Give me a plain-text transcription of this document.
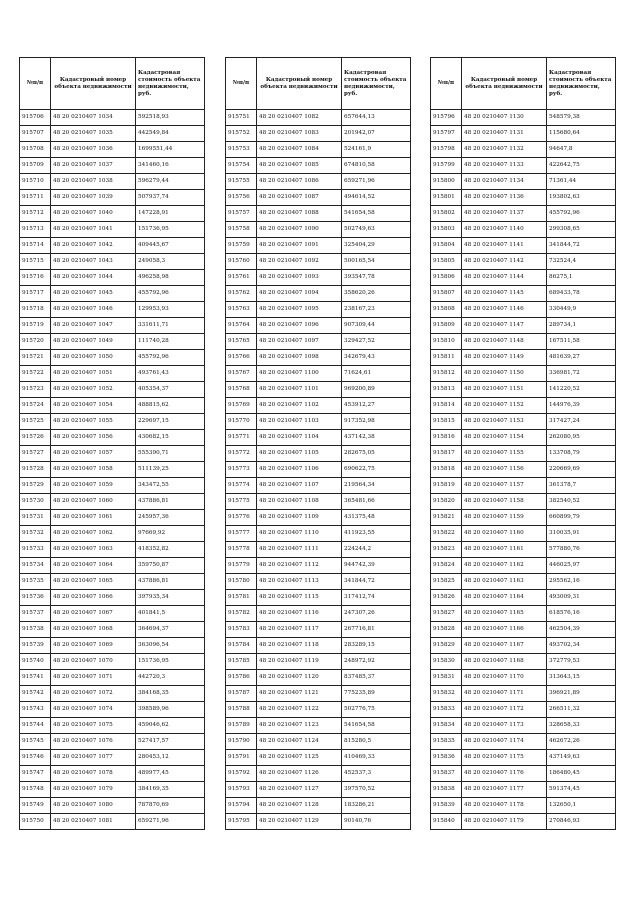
№п/п	Кадастровый номер объекта недвижимости	Кадастровая стоимость объекта недвижимости, руб.
915706	48 20 0210407 1034	592518,93
915707	48 20 0210407 1035	442549,84
915708	48 20 0210407 1036	1699551,44
915709	48 20 0210407 1037	341460,16
915710	48 20 0210407 1038	596279,44
915711	48 20 0210407 1039	507937,74
915712	48 20 0210407 1040	147228,91
915713	48 20 0210407 1041	151736,95
915714	48 20 0210407 1042	409445,67
915715	48 20 0210407 1043	249058,3
915716	48 20 0210407 1044	496258,98
915717	48 20 0210407 1045	455792,96
915718	48 20 0210407 1046	129953,93
915719	48 20 0210407 1047	331611,71
915720	48 20 0210407 1049	111740,28
915721	48 20 0210407 1050	455792,96
915722	48 20 0210407 1051	493761,43
915723	48 20 0210407 1052	405354,37
915724	48 20 0210407 1054	488815,62
915725	48 20 0210407 1055	229697,15
915726	48 20 0210407 1056	430682,15
915727	48 20 0210407 1057	555390,71
915728	48 20 0210407 1058	511139,25
915729	48 20 0210407 1059	343472,55
915730	48 20 0210407 1060	437886,81
915731	48 20 0210407 1061	245957,36
915732	48 20 0210407 1062	97669,92
915733	48 20 0210407 1063	418352,82
915734	48 20 0210407 1064	359750,87
915735	48 20 0210407 1065	437886,81
915736	48 20 0210407 1066	397935,34
915737	48 20 0210407 1067	401841,5
915738	48 20 0210407 1068	364694,37
915739	48 20 0210407 1069	363096,54
915740	48 20 0210407 1070	151736,95
915741	48 20 0210407 1071	442720,3
915742	48 20 0210407 1072	384168,35
915743	48 20 0210407 1074	398589,96
915744	48 20 0210407 1075	459046,62
915745	48 20 0210407 1076	527417,57
915746	48 20 0210407 1077	280453,12
915747	48 20 0210407 1078	489977,45
915748	48 20 0210407 1079	384169,35
915749	48 20 0210407 1080	787870,69
915750	48 20 0210407 1081	659271,96
№п/п	Кадастровый номер объекта недвижимости	Кадастровая стоимость объекта недвижимости, руб.
915751	48 20 0210407 1082	657644,13
915752	48 20 0210407 1083	201942,07
915753	48 20 0210407 1084	524161,9
915754	48 20 0210407 1085	674810,58
915755	48 20 0210407 1086	659271,96
915756	48 20 0210407 1087	494614,52
915757	48 20 0210407 1088	541654,58
915758	48 20 0210407 1090	502749,63
915759	48 20 0210407 1091	325404,29
915760	48 20 0210407 1092	500165,54
915761	48 20 0210407 1093	393547,78
915762	48 20 0210407 1094	358620,26
915763	48 20 0210407 1095	238167,23
915764	48 20 0210407 1096	907309,44
915765	48 20 0210407 1097	329427,52
915766	48 20 0210407 1098	342679,43
915767	48 20 0210407 1100	71624,61
915768	48 20 0210407 1101	969200,89
915769	48 20 0210407 1102	453912,27
915770	48 20 0210407 1103	917352,98
915771	48 20 0210407 1104	437142,38
915772	48 20 0210407 1105	282675,05
915773	48 20 0210407 1106	690622,75
915774	48 20 0210407 1107	219564,34
915775	48 20 0210407 1108	365481,66
915776	48 20 0210407 1109	431375,48
915777	48 20 0210407 1110	411923,55
915778	48 20 0210407 1111	224244,2
915779	48 20 0210407 1112	944742,39
915780	48 20 0210407 1113	341844,72
915781	48 20 0210407 1115	317412,74
915782	48 20 0210407 1116	247307,26
915783	48 20 0210407 1117	267716,81
915784	48 20 0210407 1118	283289,15
915785	48 20 0210407 1119	248972,92
915786	48 20 0210407 1120	837485,37
915787	48 20 0210407 1121	775235,89
915788	48 20 0210407 1122	502776,75
915789	48 20 0210407 1123	541654,58
915790	48 20 0210407 1124	815280,5
915791	48 20 0210407 1125	410469,33
915792	48 20 0210407 1126	452537,3
915793	48 20 0210407 1127	397570,52
915794	48 20 0210407 1128	183286,21
915795	48 20 0210407 1129	90140,76
№п/п	Кадастровый номер объекта недвижимости	Кадастровая стоимость объекта недвижимости, руб.
915796	48 20 0210407 1130	548579,38
915797	48 20 0210407 1131	115680,64
915798	48 20 0210407 1132	94647,8
915799	48 20 0210407 1133	422642,75
915800	48 20 0210407 1134	71361,44
915801	48 20 0210407 1136	193802,63
915802	48 20 0210407 1137	455792,96
915803	48 20 0210407 1140	299308,65
915804	48 20 0210407 1141	341844,72
915805	48 20 0210407 1142	732524,4
915806	48 20 0210407 1144	86275,1
915807	48 20 0210407 1145	689433,78
915808	48 20 0210407 1146	330449,9
915809	48 20 0210407 1147	289734,1
915810	48 20 0210407 1148	167511,58
915811	48 20 0210407 1149	481639,27
915812	48 20 0210407 1150	336981,72
915813	48 20 0210407 1151	141220,52
915814	48 20 0210407 1152	144976,39
915815	48 20 0210407 1153	317427,24
915816	48 20 0210407 1154	262080,95
915817	48 20 0210407 1155	133708,79
915818	48 20 0210407 1156	220669,69
915819	48 20 0210407 1157	361378,7
915820	48 20 0210407 1158	382540,52
915821	48 20 0210407 1159	660899,79
915822	48 20 0210407 1160	310035,91
915823	48 20 0210407 1161	577880,76
915824	48 20 0210407 1162	446025,97
915825	48 20 0210407 1163	295562,16
915826	48 20 0210407 1164	493009,31
915827	48 20 0210407 1165	618576,16
915828	48 20 0210407 1166	462504,39
915829	48 20 0210407 1167	493702,34
915830	48 20 0210407 1168	372779,53
915831	48 20 0210407 1170	313643,15
915832	48 20 0210407 1171	396921,89
915833	48 20 0210407 1172	266511,32
915834	48 20 0210407 1173	328658,33
915835	48 20 0210407 1174	462672,26
915836	48 20 0210407 1175	437149,63
915837	48 20 0210407 1176	186480,45
915838	48 20 0210407 1177	591374,45
915839	48 20 0210407 1178	132650,1
915840	48 20 0210407 1179	270846,93
